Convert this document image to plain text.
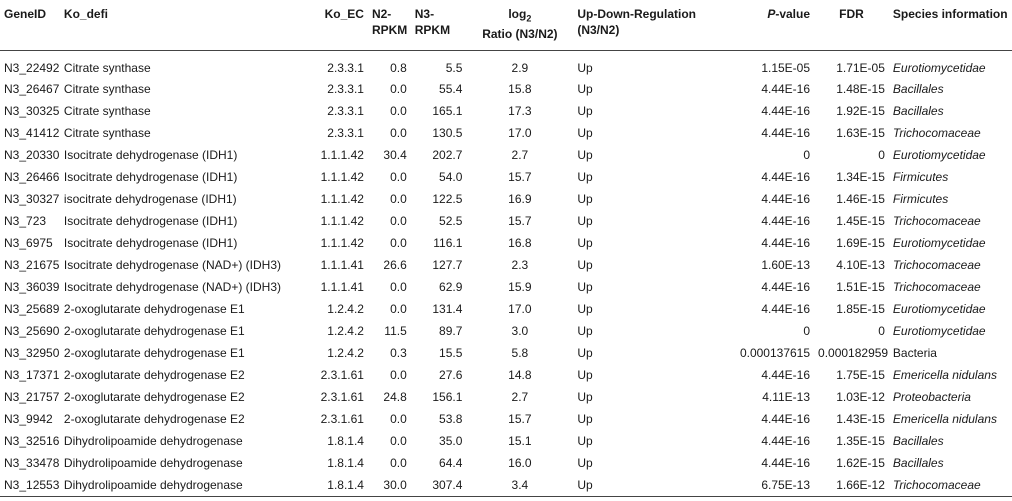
GeneID	Ko_defi	Ko_EC	N2-RPKM	N3-RPKM	$\log_2$
Ratio (N3/N2)	Up-Down-Regulation (N3/N2)	P-value	FDR	Species information
N3_22492	Citrate synthase	2.3.3.1	0.8	5.5	2.9	Up	1.15E-05	1.71E-05	Eurotiomycetidae
N3_26467	Citrate synthase	2.3.3.1	0.0	55.4	15.8	Up	4.44E-16	1.48E-15	Bacillales
N3_30325	Citrate synthase	2.3.3.1	0.0	165.1	17.3	Up	4.44E-16	1.92E-15	Bacillales
N3_41412	Citrate synthase	2.3.3.1	0.0	130.5	17.0	Up	4.44E-16	1.63E-15	Trichocomaceae
N3_20330	Isocitrate dehydrogenase (IDH1)	1.1.1.42	30.4	202.7	2.7	Up	0	0	Eurotiomycetidae
N3_26466	Isocitrate dehydrogenase (IDH1)	1.1.1.42	0.0	54.0	15.7	Up	4.44E-16	1.34E-15	Firmicutes
N3_30327	isocitrate dehydrogenase (IDH1)	1.1.1.42	0.0	122.5	16.9	Up	4.44E-16	1.46E-15	Firmicutes
N3_723	Isocitrate dehydrogenase (IDH1)	1.1.1.42	0.0	52.5	15.7	Up	4.44E-16	1.45E-15	Trichocomaceae
N3_6975	Isocitrate dehydrogenase (IDH1)	1.1.1.42	0.0	116.1	16.8	Up	4.44E-16	1.69E-15	Eurotiomycetidae
N3_21675	Isocitrate dehydrogenase (NAD+) (IDH3)	1.1.1.41	26.6	127.7	2.3	Up	1.60E-13	4.10E-13	Trichocomaceae
N3_36039	Isocitrate dehydrogenase (NAD+) (IDH3)	1.1.1.41	0.0	62.9	15.9	Up	4.44E-16	1.51E-15	Trichocomaceae
N3_25689	2-oxoglutarate dehydrogenase E1	1.2.4.2	0.0	131.4	17.0	Up	4.44E-16	1.85E-15	Eurotiomycetidae
N3_25690	2-oxoglutarate dehydrogenase E1	1.2.4.2	11.5	89.7	3.0	Up	0	0	Eurotiomycetidae
N3_32950	2-oxoglutarate dehydrogenase E1	1.2.4.2	0.3	15.5	5.8	Up	0.000137615	0.000182959	Bacteria
N3_17371	2-oxoglutarate dehydrogenase E2	2.3.1.61	0.0	27.6	14.8	Up	4.44E-16	1.75E-15	Emericella nidulans
N3_21757	2-oxoglutarate dehydrogenase E2	2.3.1.61	24.8	156.1	2.7	Up	4.11E-13	1.03E-12	Proteobacteria
N3_9942	2-oxoglutarate dehydrogenase E2	2.3.1.61	0.0	53.8	15.7	Up	4.44E-16	1.43E-15	Emericella nidulans
N3_32516	Dihydrolipoamide dehydrogenase	1.8.1.4	0.0	35.0	15.1	Up	4.44E-16	1.35E-15	Bacillales
N3_33478	Dihydrolipoamide dehydrogenase	1.8.1.4	0.0	64.4	16.0	Up	4.44E-16	1.62E-15	Bacillales
N3_12553	Dihydrolipoamide dehydrogenase	1.8.1.4	30.0	307.4	3.4	Up	6.75E-13	1.66E-12	Trichocomaceae
